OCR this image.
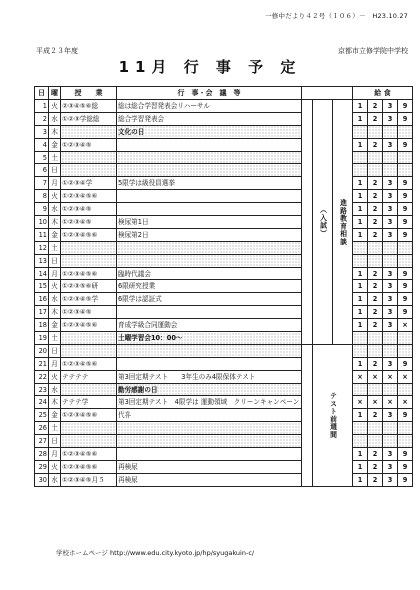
一修中だより４２号（１０６）－　H23.10.27
平成２３年度	京都市立修学院中学校
11月 行 事 予 定
日	曜	授　　業	行　事・会　議　等				給 食			
1	火	②③④⑤⑥総	総は総合学習発表会リハーサル		（入試）	進路教育相談	1	2	3	9
2	水	①②③学総総	総合学習発表会				1	2	3	9
3	木		文化の日							
4	金	①②③④⑤					1	2	3	9
5	土									
6	日									
7	月	①②③④学	5限学は級役員選挙				1	2	3	9
8	火	①②③④⑤⑥					1	2	3	9
9	水	①②③④⑤					1	2	3	9
10	木	①②③④⑤	検尿第1日				1	2	3	9
11	金	①②③④⑤⑥	検尿第2日				1	2	3	9
12	土									
13	日									
14	月	①②③④⑤⑥	臨時代議会				1	2	3	9
15	火	①②③⑤⑥研	6限研究授業				1	2	3	9
16	水	①②③④⑤学	6限学は認証式				1	2	3	9
17	木	①②③④⑤					1	2	3	9
18	金	①②③④⑤⑥	育成学級合同運動会				1	2	3	×
19	土		土曜学習会10：00～							
20	日				テスト前週間					

21	月	①②③④⑤⑥					1	2	3	9
22	火	テテテテ	第3回定期テスト　　3年生のみ4限保体テスト				×	×	×	×
23	水		勤労感謝の日							
24	木	テテテ学	第3回定期テスト　4限学は 運動領域　クリーンキャンペーン				×	×	×	×
25	金	①②③④⑤⑥	代휴				1	2	3	9
26	土									
27	日									
28	月	①②③④⑤⑥					1	2	3	9
29	火	①②③④⑤⑥	再検尿				1	2	3	9
30	水	①②③④⑤月５	再検尿				1	2	3	9
学校ホームページ http://www.edu.city.kyoto.jp/hp/syugakuin-c/
